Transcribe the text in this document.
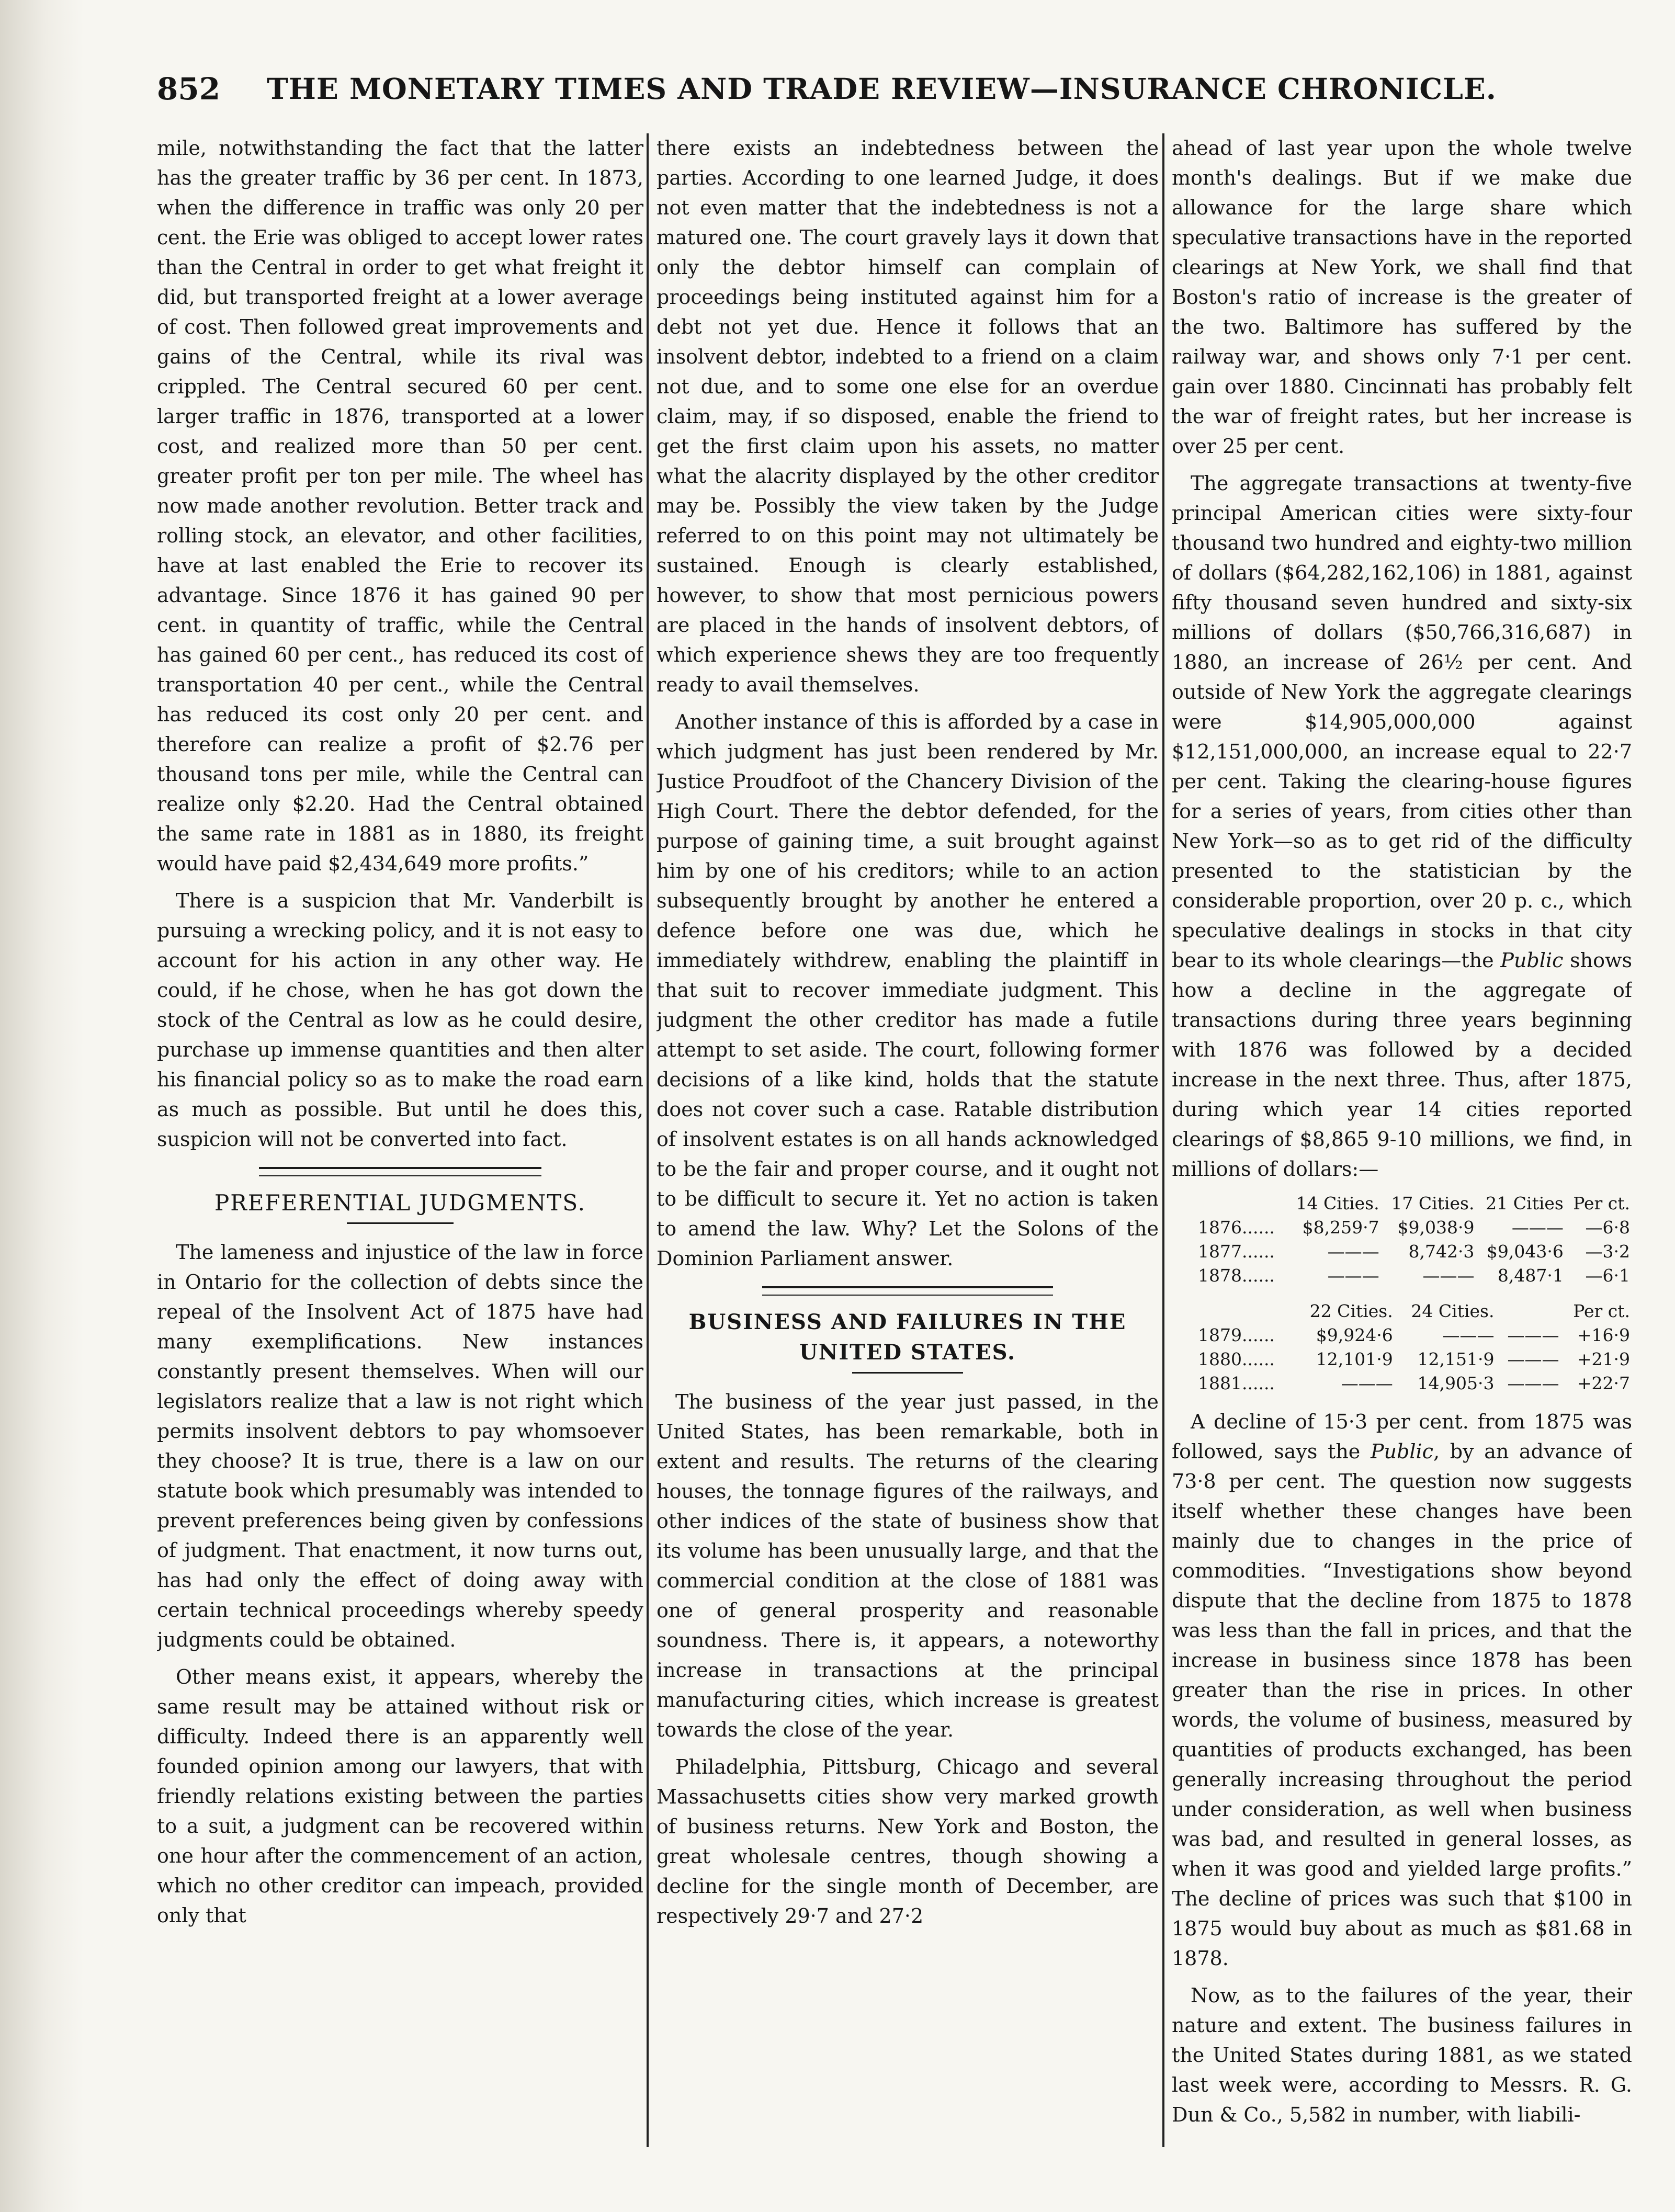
852 THE MONETARY TIMES AND TRADE REVIEW—INSURANCE CHRONICLE.

mile, notwithstanding the fact that the latter has the greater traffic by 36 per cent. In 1873, when the difference in traffic was only 20 per cent. the Erie was obliged to accept lower rates than the Central in order to get what freight it did, but transported freight at a lower average of cost. Then followed great improvements and gains of the Central, while its rival was crippled. The Central secured 60 per cent. larger traffic in 1876, transported at a lower cost, and realized more than 50 per cent. greater profit per ton per mile. The wheel has now made another revolution. Better track and rolling stock, an elevator, and other facilities, have at last enabled the Erie to recover its advantage. Since 1876 it has gained 90 per cent. in quantity of traffic, while the Central has gained 60 per cent., has reduced its cost of transportation 40 per cent., while the Central has reduced its cost only 20 per cent. and therefore can realize a profit of $2.76 per thousand tons per mile, while the Central can realize only $2.20. Had the Central obtained the same rate in 1881 as in 1880, its freight would have paid $2,434,649 more profits.”

There is a suspicion that Mr. Vanderbilt is pursuing a wrecking policy, and it is not easy to account for his action in any other way. He could, if he chose, when he has got down the stock of the Central as low as he could desire, purchase up immense quantities and then alter his financial policy so as to make the road earn as much as possible. But until he does this, suspicion will not be converted into fact.

PREFERENTIAL JUDGMENTS.

The lameness and injustice of the law in force in Ontario for the collection of debts since the repeal of the Insolvent Act of 1875 have had many exemplifications. New instances constantly present themselves. When will our legislators realize that a law is not right which permits insolvent debtors to pay whomsoever they choose? It is true, there is a law on our statute book which presumably was intended to prevent preferences being given by confessions of judgment. That enactment, it now turns out, has had only the effect of doing away with certain technical proceedings whereby speedy judgments could be obtained.

Other means exist, it appears, whereby the same result may be attained without risk or difficulty. Indeed there is an apparently well founded opinion among our lawyers, that with friendly relations existing between the parties to a suit, a judgment can be recovered within one hour after the commencement of an action, which no other creditor can impeach, provided only that

there exists an indebtedness between the parties. According to one learned Judge, it does not even matter that the indebtedness is not a matured one. The court gravely lays it down that only the debtor himself can complain of proceedings being instituted against him for a debt not yet due. Hence it follows that an insolvent debtor, indebted to a friend on a claim not due, and to some one else for an overdue claim, may, if so disposed, enable the friend to get the first claim upon his assets, no matter what the alacrity displayed by the other creditor may be. Possibly the view taken by the Judge referred to on this point may not ultimately be sustained. Enough is clearly established, however, to show that most pernicious powers are placed in the hands of insolvent debtors, of which experience shews they are too frequently ready to avail themselves.

Another instance of this is afforded by a case in which judgment has just been rendered by Mr. Justice Proudfoot of the Chancery Division of the High Court. There the debtor defended, for the purpose of gaining time, a suit brought against him by one of his creditors; while to an action subsequently brought by another he entered a defence before one was due, which he immediately withdrew, enabling the plaintiff in that suit to recover immediate judgment. This judgment the other creditor has made a futile attempt to set aside. The court, following former decisions of a like kind, holds that the statute does not cover such a case. Ratable distribution of insolvent estates is on all hands acknowledged to be the fair and proper course, and it ought not to be difficult to secure it. Yet no action is taken to amend the law. Why? Let the Solons of the Dominion Parliament answer.

BUSINESS AND FAILURES IN THE UNITED STATES.

The business of the year just passed, in the United States, has been remarkable, both in extent and results. The returns of the clearing houses, the tonnage figures of the railways, and other indices of the state of business show that its volume has been unusually large, and that the commercial condition at the close of 1881 was one of general prosperity and reasonable soundness. There is, it appears, a noteworthy increase in transactions at the principal manufacturing cities, which increase is greatest towards the close of the year.

Philadelphia, Pittsburg, Chicago and several Massachusetts cities show very marked growth of business returns. New York and Boston, the great wholesale centres, though showing a decline for the single month of December, are respectively 29·7 and 27·2

ahead of last year upon the whole twelve month's dealings. But if we make due allowance for the large share which speculative transactions have in the reported clearings at New York, we shall find that Boston's ratio of increase is the greater of the two. Baltimore has suffered by the railway war, and shows only 7·1 per cent. gain over 1880. Cincinnati has probably felt the war of freight rates, but her increase is over 25 per cent.

The aggregate transactions at twenty-five principal American cities were sixty-four thousand two hundred and eighty-two million of dollars ($64,282,162,106) in 1881, against fifty thousand seven hundred and sixty-six millions of dollars ($50,766,316,687) in 1880, an increase of 26½ per cent. And outside of New York the aggregate clearings were $14,905,000,000 against $12,151,000,000, an increase equal to 22·7 per cent. Taking the clearing-house figures for a series of years, from cities other than New York—so as to get rid of the difficulty presented to the statistician by the considerable proportion, over 20 p. c., which speculative dealings in stocks in that city bear to its whole clearings—the Public shows how a decline in the aggregate of transactions during three years beginning with 1876 was followed by a decided increase in the next three. Thus, after 1875, during which year 14 cities reported clearings of $8,865 9-10 millions, we find, in millions of dollars:—

	14 Cities.	17 Cities.	21 Cities	Per ct.
1876......	$8,259·7	$9,038·9	———	—6·8
1877......	———	8,742·3	$9,043·6	—3·2
1878......	———	———	8,487·1	—6·1
	22 Cities.	24 Cities.		Per ct.
1879......	$9,924·6	———	———	+16·9
1880......	12,101·9	12,151·9	———	+21·9
1881......	———	14,905·3	———	+22·7

A decline of 15·3 per cent. from 1875 was followed, says the Public, by an advance of 73·8 per cent. The question now suggests itself whether these changes have been mainly due to changes in the price of commodities. “Investigations show beyond dispute that the decline from 1875 to 1878 was less than the fall in prices, and that the increase in business since 1878 has been greater than the rise in prices. In other words, the volume of business, measured by quantities of products exchanged, has been generally increasing throughout the period under consideration, as well when business was bad, and resulted in general losses, as when it was good and yielded large profits.” The decline of prices was such that $100 in 1875 would buy about as much as $81.68 in 1878.

Now, as to the failures of the year, their nature and extent. The business failures in the United States during 1881, as we stated last week were, according to Messrs. R. G. Dun & Co., 5,582 in number, with liabili-
